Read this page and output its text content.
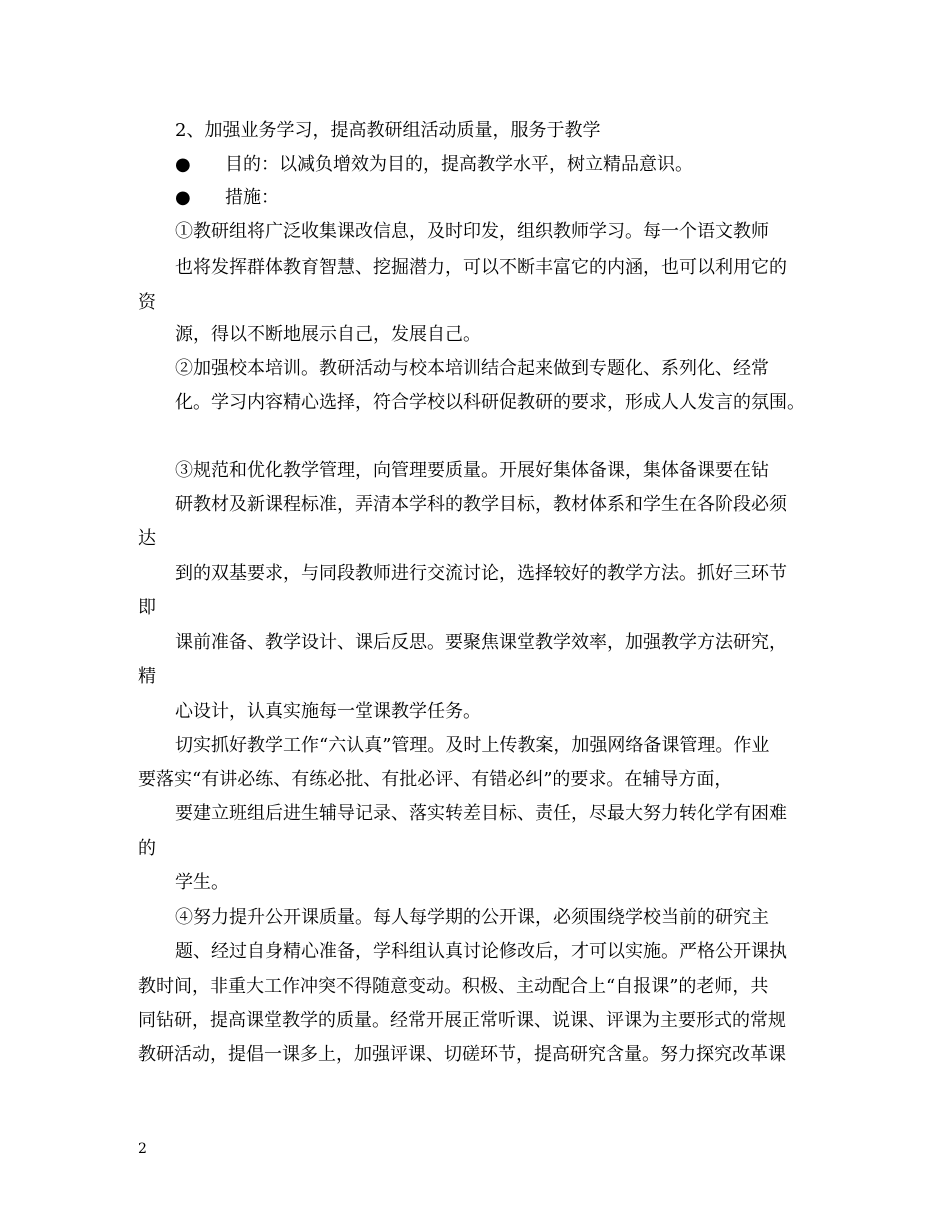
2、加强业务学习，提高教研组活动质量，服务于教学
● 目的：以减负增效为目的，提高教学水平，树立精品意识。
● 措施：
①教研组将广泛收集课改信息，及时印发，组织教师学习。每一个语文教师
也将发挥群体教育智慧、挖掘潜力，可以不断丰富它的内涵，也可以利用它的
资
源，得以不断地展示自己，发展自己。
②加强校本培训。教研活动与校本培训结合起来做到专题化、系列化、经常
化。学习内容精心选择，符合学校以科研促教研的要求，形成人人发言的氛围。
③规范和优化教学管理，向管理要质量。开展好集体备课，集体备课要在钻
研教材及新课程标准，弄清本学科的教学目标，教材体系和学生在各阶段必须
达
到的双基要求，与同段教师进行交流讨论，选择较好的教学方法。抓好三环节
即
课前准备、教学设计、课后反思。要聚焦课堂教学效率，加强教学方法研究，
精
心设计，认真实施每一堂课教学任务。
切实抓好教学工作“六认真”管理。及时上传教案，加强网络备课管理。作业
要落实“有讲必练、有练必批、有批必评、有错必纠”的要求。在辅导方面，
要建立班组后进生辅导记录、落实转差目标、责任，尽最大努力转化学有困难
的
学生。
④努力提升公开课质量。每人每学期的公开课，必须围绕学校当前的研究主
题、经过自身精心准备，学科组认真讨论修改后，才可以实施。严格公开课执
教时间，非重大工作冲突不得随意变动。积极、主动配合上“自报课”的老师，共
同钻研，提高课堂教学的质量。经常开展正常听课、说课、评课为主要形式的常规
教研活动，提倡一课多上，加强评课、切磋环节，提高研究含量。努力探究改革课
2
